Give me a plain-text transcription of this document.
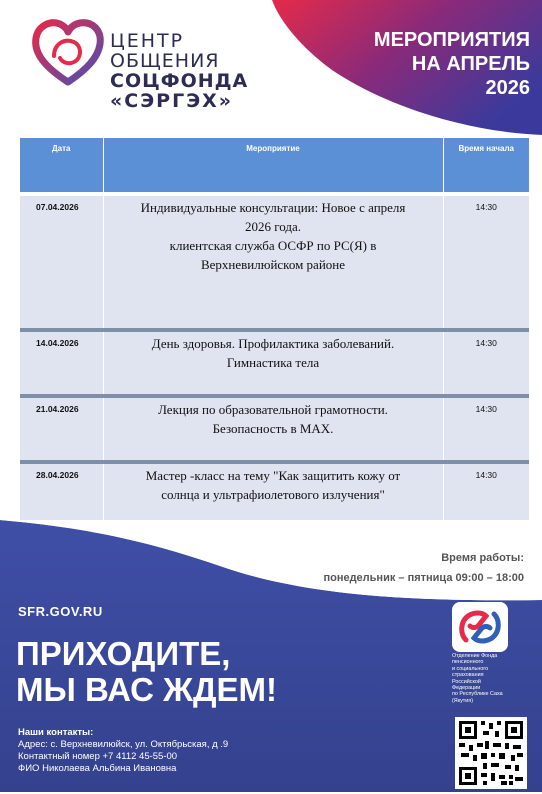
ЦЕНТР
ОБЩЕНИЯ
СОЦФОНДА
«СЭРГЭХ»
МЕРОПРИЯТИЯ
НА АПРЕЛЬ
2026
Дата	Мероприятие	Время начала

07.04.2026	Индивидуальные консультации: Новое с апреля
2026 года.
клиентская служба ОСФР по РС(Я) в
Верхневилюйском районе	14:30
14.04.2026	День здоровья. Профилактика заболеваний.
Гимнастика тела	14:30
21.04.2026	Лекция по образовательной грамотности.
Безопасность в МАХ.	14:30
28.04.2026	Мастер -класс на тему "Как защитить кожу от
солнца и ультрафиолетового излучения"	14:30
Время работы:
понедельник – пятница 09:00 – 18:00
SFR.GOV.RU
ПРИХОДИТЕ,
МЫ ВАС ЖДЕМ!
Наши контакты:
Адрес: с. Верхневилюйск, ул. Октябрьская, д .9
Контактный номер +7 4112 45-55-00
ФИО Николаева Альбина Ивановна
Отделение Фонда
пенсионного
и социального
страхования
Российской
Федерации
по Республике Саха
(Якутия)
